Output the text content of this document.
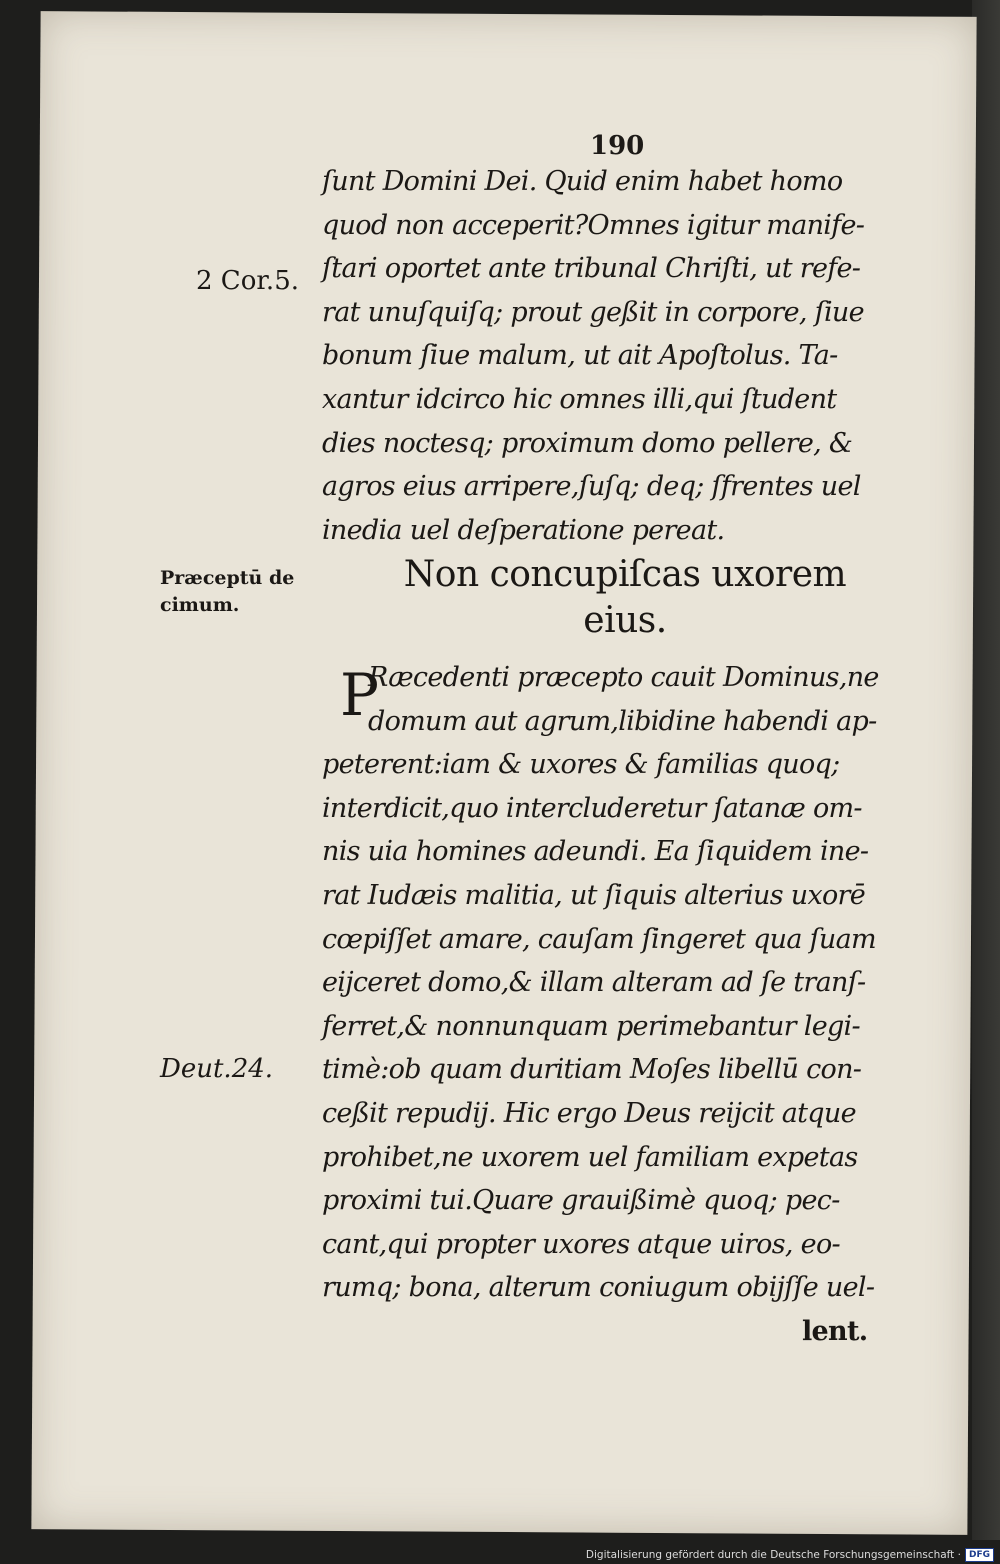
190
ſunt Domini Dei. Quid enim habet homo
quod non acceperit?Omnes igitur manife-
ſtari oportet ante tribunal Chriſti, ut refe-
rat unuſquiſq; prout geßit in corpore, ſiue
bonum ſiue malum, ut ait Apoſtolus. Ta-
xantur idcirco hic omnes illi,qui ſtudent
dies noctesq; proximum domo pellere, &
agros eius arripere,ſuſq; deq; ſfrentes uel
inedia uel deſperatione pereat.
Non concupiſcas uxorem
eius.
P
Ræcedenti præcepto cauit Dominus,ne
domum aut agrum,libidine habendi ap-
peterent:iam & uxores & familias quoq;
interdicit,quo intercluderetur ſatanæ om-
nis uia homines adeundi. Ea ſiquidem ine-
rat Iudæis malitia, ut ſiquis alterius uxorē
cœpiſſet amare, cauſam ſingeret qua ſuam
eijceret domo,& illam alteram ad ſe tranſ-
ferret,& nonnunquam perimebantur legi-
timè:ob quam duritiam Moſes libellū con-
ceßit repudij. Hic ergo Deus reijcit atque
prohibet,ne uxorem uel familiam expetas
proximi tui.Quare grauißimè quoq; pec-
cant,qui propter uxores atque uiros, eo-
rumq; bona, alterum coniugum obijſſe uel-
lent.
2 Cor.5.
Præceptū de
cimum.
Deut.24.
Digitalisierung gefördert durch die Deutsche Forschungsgemeinschaft · DFG
